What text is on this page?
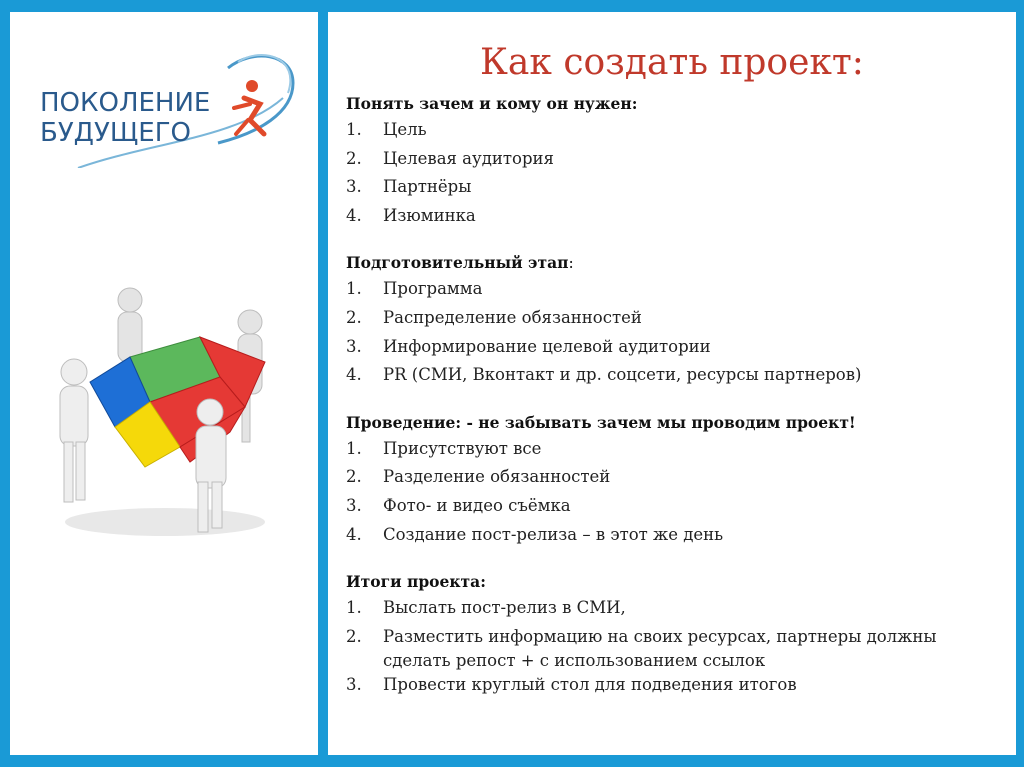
ПОКОЛЕНИЕ
БУДУЩЕГО
Как создать проект:
Понять зачем и кому он нужен:
1.	Цель
2.	Целевая аудитория
3.	Партнёры
4.	Изюминка
Подготовительный этап:
1.	Программа
2.	Распределение обязанностей
3.	Информирование целевой аудитории
4.	PR (СМИ, Вконтакт и др. соцсети, ресурсы партнеров)
Проведение: - не забывать зачем мы проводим проект!
1.	Присутствуют все
2.	Разделение обязанностей
3.	Фото- и видео съёмка
4.	Создание пост-релиза – в этот же день
Итоги проекта:
1.	Выслать пост-релиз в СМИ,
2.	Разместить информацию на своих ресурсах, партнеры должны сделать репост + с использованием ссылок
3.	Провести круглый стол для подведения итогов
